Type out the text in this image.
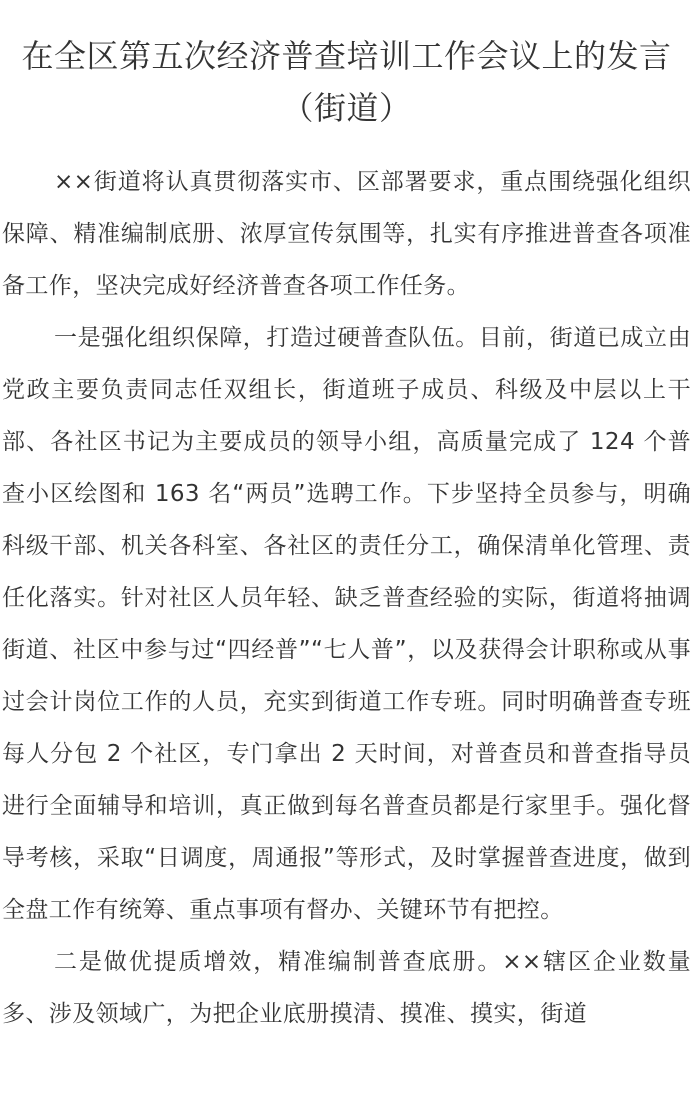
在全区第五次经济普查培训工作会议上的发言（街道）

××街道将认真贯彻落实市、区部署要求，重点围绕强化组织保障、精准编制底册、浓厚宣传氛围等，扎实有序推进普查各项准备工作，坚决完成好经济普查各项工作任务。

一是强化组织保障，打造过硬普查队伍。目前，街道已成立由党政主要负责同志任双组长，街道班子成员、科级及中层以上干部、各社区书记为主要成员的领导小组，高质量完成了 124 个普查小区绘图和 163 名“两员”选聘工作。下步坚持全员参与，明确科级干部、机关各科室、各社区的责任分工，确保清单化管理、责任化落实。针对社区人员年轻、缺乏普查经验的实际，街道将抽调街道、社区中参与过“四经普”“七人普”，以及获得会计职称或从事过会计岗位工作的人员，充实到街道工作专班。同时明确普查专班每人分包 2 个社区，专门拿出 2 天时间，对普查员和普查指导员进行全面辅导和培训，真正做到每名普查员都是行家里手。强化督导考核，采取“日调度，周通报”等形式，及时掌握普查进度，做到全盘工作有统筹、重点事项有督办、关键环节有把控。

二是做优提质增效，精准编制普查底册。××辖区企业数量多、涉及领域广，为把企业底册摸清、摸准、摸实，街道
